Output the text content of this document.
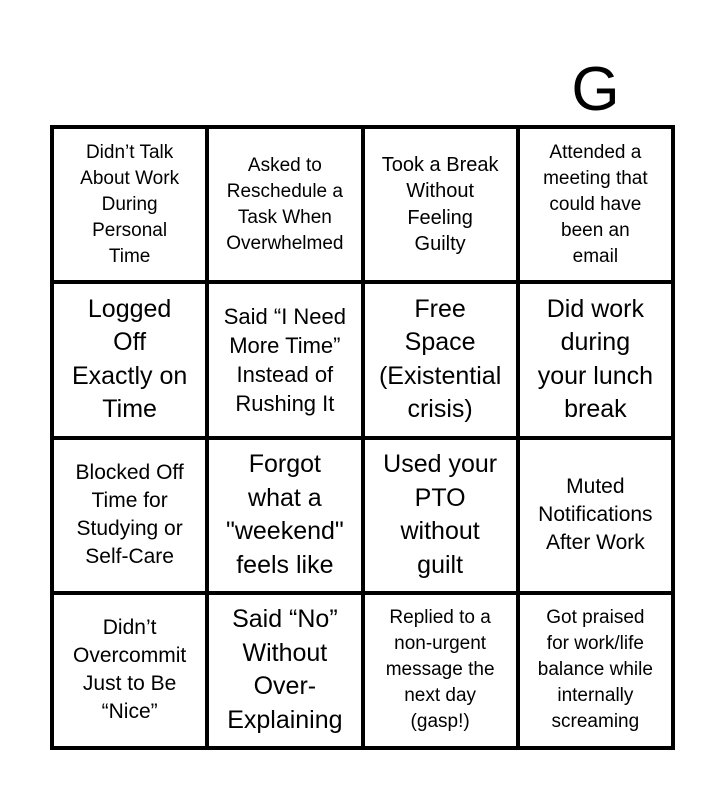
G
Didn’t Talk
About Work
During
Personal
Time
Asked to
Reschedule a
Task When
Overwhelmed
Took a Break
Without
Feeling
Guilty
Attended a
meeting that
could have
been an
email
Logged
Off
Exactly on
Time
Said “I Need
More Time”
Instead of
Rushing It
Free
Space
(Existential
crisis)
Did work
during
your lunch
break
Blocked Off
Time for
Studying or
Self-Care
Forgot
what a
"weekend"
feels like
Used your
PTO
without
guilt
Muted
Notifications
After Work
Didn’t
Overcommit
Just to Be
“Nice”
Said “No”
Without
Over-
Explaining
Replied to a
non-urgent
message the
next day
(gasp!)
Got praised
for work/life
balance while
internally
screaming
